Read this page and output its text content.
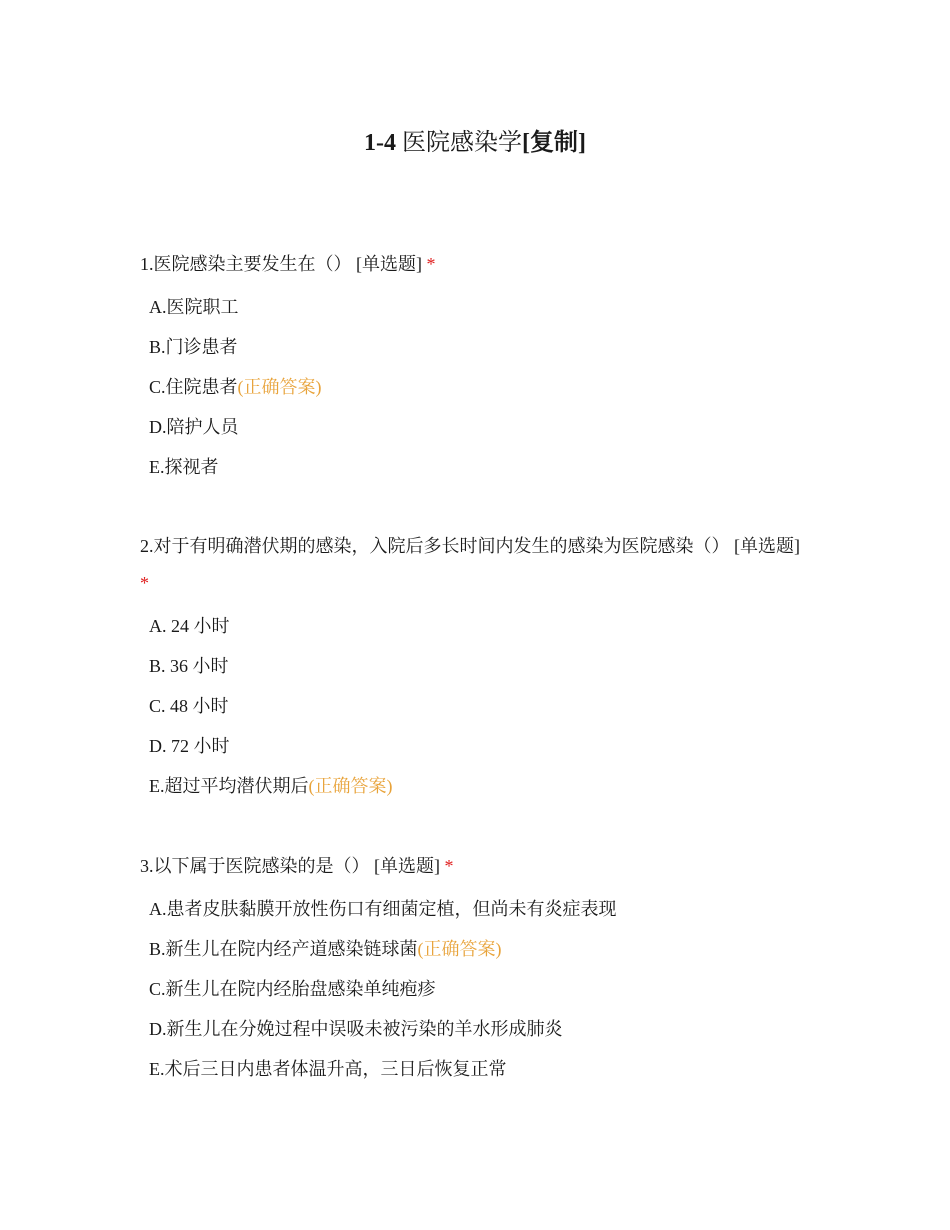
1-4 医院感染学[复制]

1.医院感染主要发生在（） [单选题] *

A.医院职工
B.门诊患者
C.住院患者(正确答案)
D.陪护人员
E.探视者

2.对于有明确潜伏期的感染，入院后多长时间内发生的感染为医院感染（） [单选题] *

A. 24 小时
B. 36 小时
C. 48 小时
D. 72 小时
E.超过平均潜伏期后(正确答案)

3.以下属于医院感染的是（） [单选题] *

A.患者皮肤黏膜开放性伤口有细菌定植，但尚未有炎症表现
B.新生儿在院内经产道感染链球菌(正确答案)
C.新生儿在院内经胎盘感染单纯疱疹
D.新生儿在分娩过程中误吸未被污染的羊水形成肺炎
E.术后三日内患者体温升高，三日后恢复正常
